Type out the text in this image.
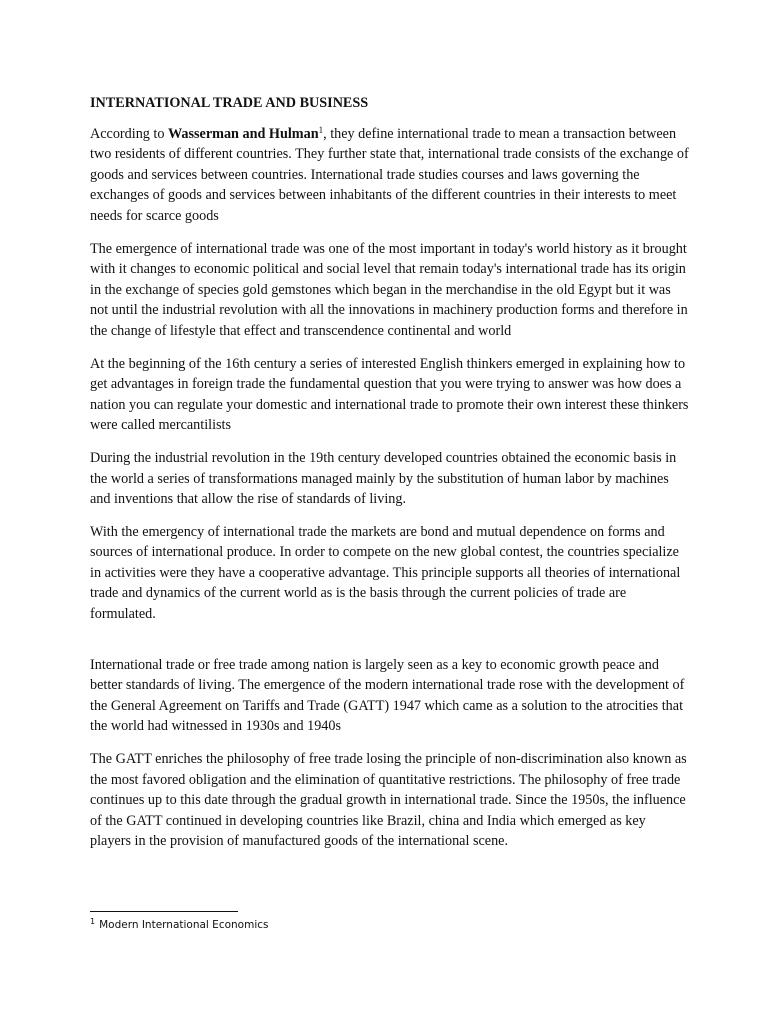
INTERNATIONAL TRADE AND BUSINESS

According to Wasserman and Hulman$^1$, they define international trade to mean a transaction between two residents of different countries. They further state that, international trade consists of the exchange of goods and services between countries. International trade studies courses and laws governing the exchanges of goods and services between inhabitants of the different countries in their interests to meet needs for scarce goods

The emergence of international trade was one of the most important in today's world history as it brought with it changes to economic political and social level that remain today's international trade has its origin in the exchange of species gold gemstones which began in the merchandise in the old Egypt but it was not until the industrial revolution with all the innovations in machinery production forms and therefore in the change of lifestyle that effect and transcendence continental and world

At the beginning of the 16th century a series of interested English thinkers emerged in explaining how to get advantages in foreign trade the fundamental question that you were trying to answer was how does a nation you can regulate your domestic and international trade to promote their own interest these thinkers were called mercantilists

During the industrial revolution in the 19th century developed countries obtained the economic basis in the world a series of transformations managed mainly by the substitution of human labor by machines and inventions that allow the rise of standards of living.

With the emergency of international trade the markets are bond and mutual dependence on forms and sources of international produce. In order to compete on the new global contest, the countries specialize in activities were they have a cooperative advantage. This principle supports all theories of international trade and dynamics of the current world as is the basis through the current policies of trade are formulated.

International trade or free trade among nation is largely seen as a key to economic growth peace and better standards of living. The emergence of the modern international trade rose with the development of the General Agreement on Tariffs and Trade (GATT) 1947 which came as a solution to the atrocities that the world had witnessed in 1930s and 1940s

The GATT enriches the philosophy of free trade losing the principle of non-discrimination also known as the most favored obligation and the elimination of quantitative restrictions. The philosophy of free trade continues up to this date through the gradual growth in international trade. Since the 1950s, the influence of the GATT continued in developing countries like Brazil, china and India which emerged as key players in the provision of manufactured goods of the international scene.

$^1$ Modern International Economics
